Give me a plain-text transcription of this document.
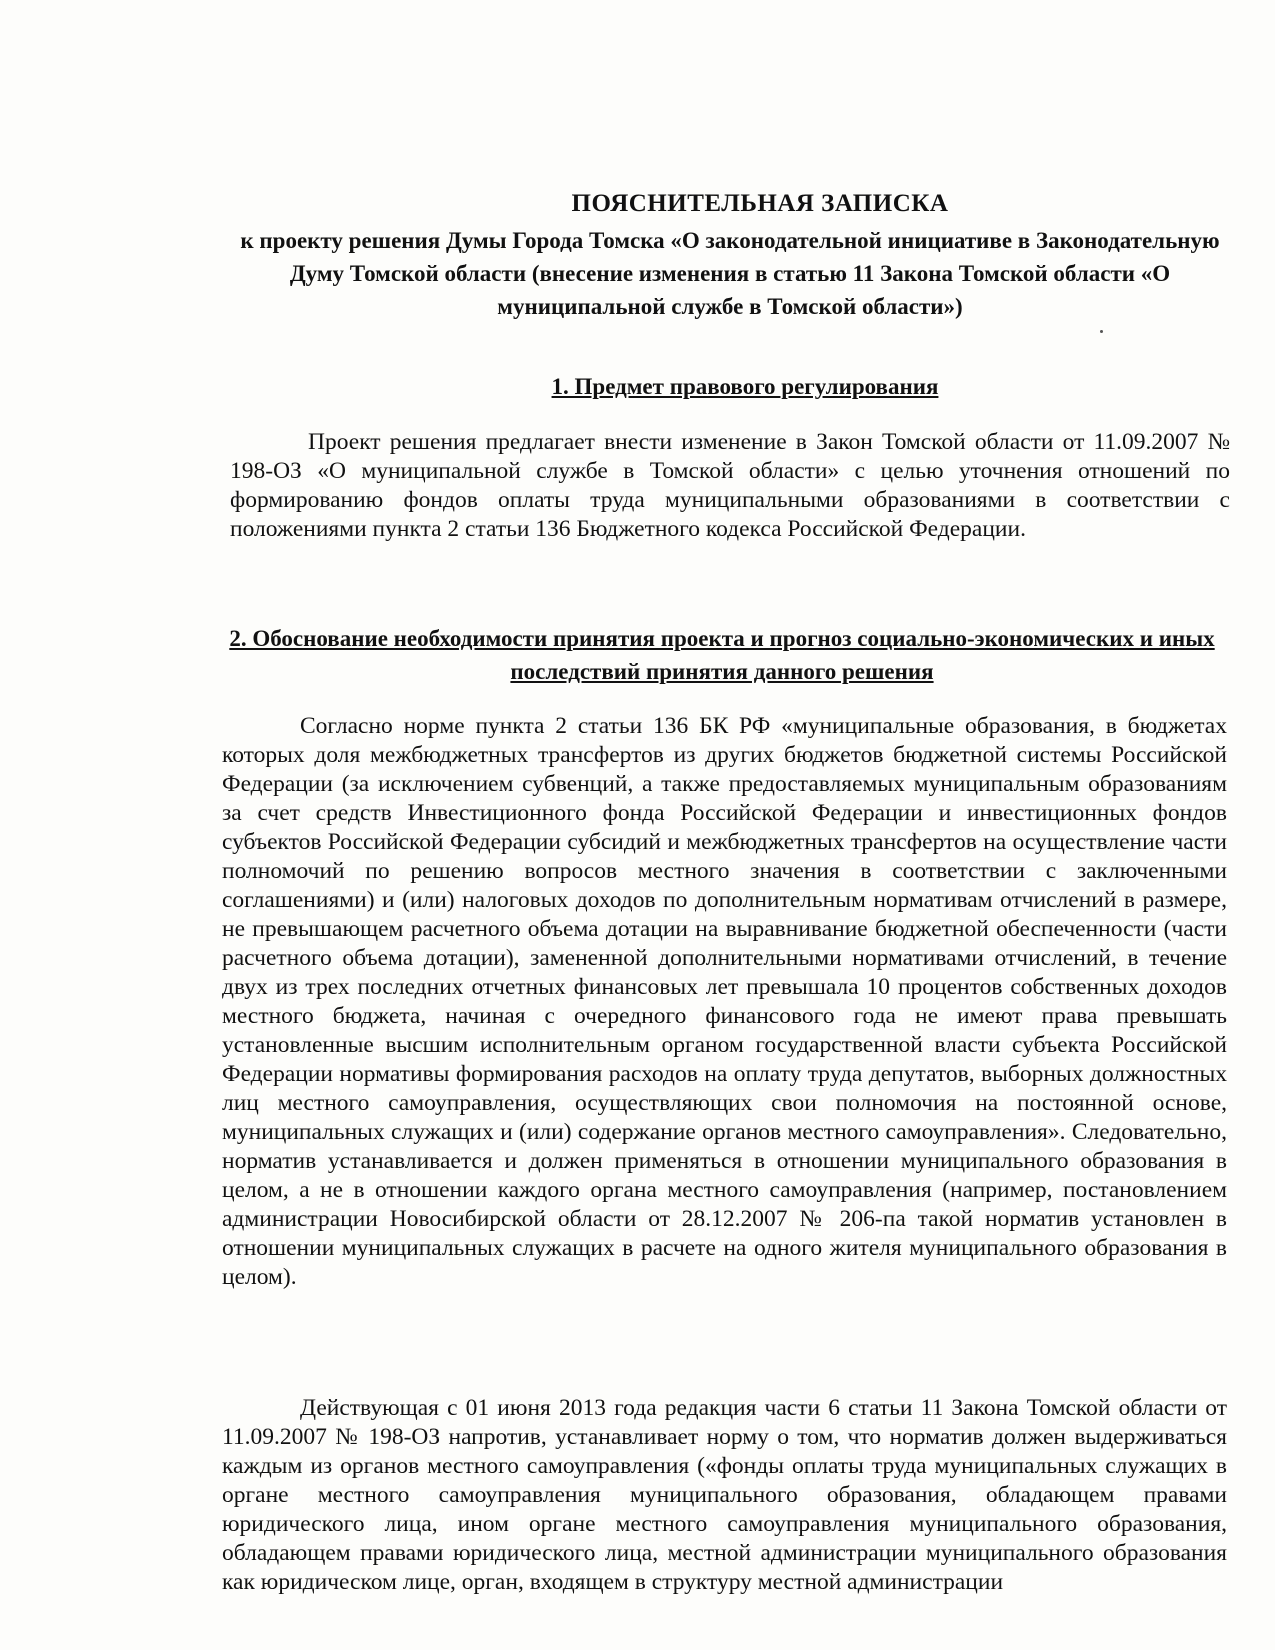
ПОЯСНИТЕЛЬНАЯ ЗАПИСКА

к проекту решения Думы Города Томска «О законодательной инициативе в Законодательную Думу Томской области (внесение изменения в статью 11 Закона Томской области «О муниципальной службе в Томской области»)

1. Предмет правового регулирования

Проект решения предлагает внести изменение в Закон Томской области от 11.09.2007 № 198-ОЗ «О муниципальной службе в Томской области» с целью уточнения отношений по формированию фондов оплаты труда муниципальными образованиями в соответствии с положениями пункта 2 статьи 136 Бюджетного кодекса Российской Федерации.

2. Обоснование необходимости принятия проекта и прогноз социально-экономических и иных последствий принятия данного решения

Согласно норме пункта 2 статьи 136 БК РФ «муниципальные образования, в бюджетах которых доля межбюджетных трансфертов из других бюджетов бюджетной системы Российской Федерации (за исключением субвенций, а также предоставляемых муниципальным образованиям за счет средств Инвестиционного фонда Российской Федерации и инвестиционных фондов субъектов Российской Федерации субсидий и межбюджетных трансфертов на осуществление части полномочий по решению вопросов местного значения в соответствии с заключенными соглашениями) и (или) налоговых доходов по дополнительным нормативам отчислений в размере, не превышающем расчетного объема дотации на выравнивание бюджетной обеспеченности (части расчетного объема дотации), замененной дополнительными нормативами отчислений, в течение двух из трех последних отчетных финансовых лет превышала 10 процентов собственных доходов местного бюджета, начиная с очередного финансового года не имеют права превышать установленные высшим исполнительным органом государственной власти субъекта Российской Федерации нормативы формирования расходов на оплату труда депутатов, выборных должностных лиц местного самоуправления, осуществляющих свои полномочия на постоянной основе, муниципальных служащих и (или) содержание органов местного самоуправления». Следовательно, норматив устанавливается и должен применяться в отношении муниципального образования в целом, а не в отношении каждого органа местного самоуправления (например, постановлением администрации Новосибирской области от 28.12.2007 № 206-па такой норматив установлен в отношении муниципальных служащих в расчете на одного жителя муниципального образования в целом).

Действующая с 01 июня 2013 года редакция части 6 статьи 11 Закона Томской области от 11.09.2007 № 198-ОЗ напротив, устанавливает норму о том, что норматив должен выдерживаться каждым из органов местного самоуправления («фонды оплаты труда муниципальных служащих в органе местного самоуправления муниципального образования, обладающем правами юридического лица, ином органе местного самоуправления муниципального образования, обладающем правами юридического лица, местной администрации муниципального образования как юридическом лице, орган, входящем в структуру местной администрации
